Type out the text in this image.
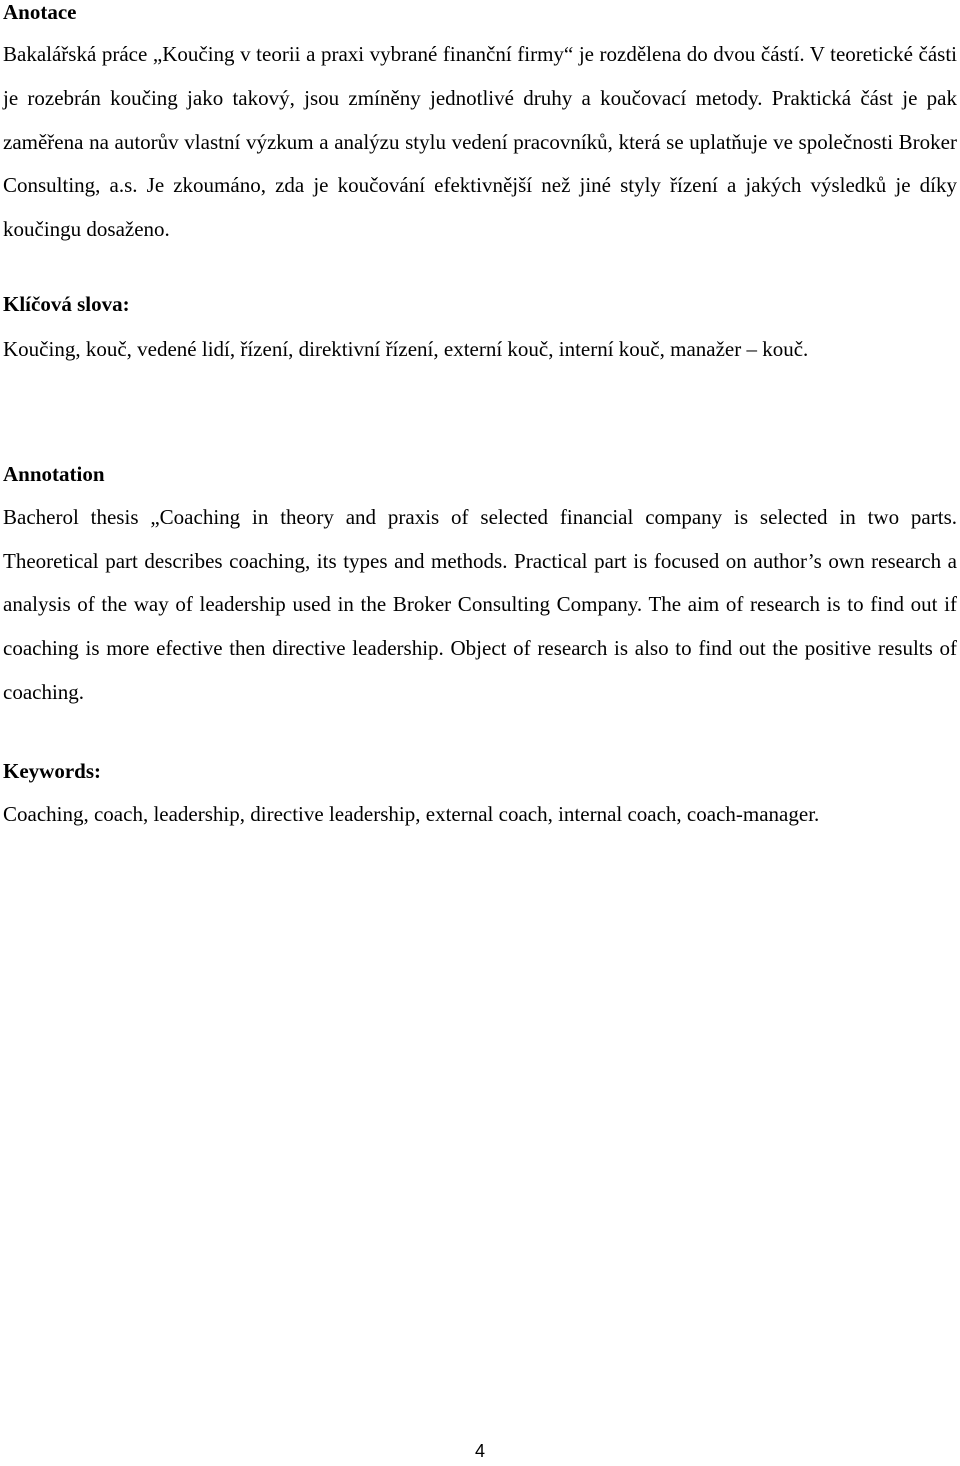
Anotace

Bakalářská práce „Koučing v teorii a praxi vybrané finanční firmy“ je rozdělena do dvou částí. V teoretické části je rozebrán koučing jako takový, jsou zmíněny jednotlivé druhy a koučovací metody. Praktická část je pak zaměřena na autorův vlastní výzkum a analýzu stylu vedení pracovníků, která se uplatňuje ve společnosti Broker Consulting, a.s. Je zkoumáno, zda je koučování efektivnější než jiné styly řízení a jakých výsledků je díky koučingu dosaženo.

Klíčová slova:

Koučing, kouč, vedené lidí, řízení, direktivní řízení, externí kouč, interní kouč, manažer – kouč.

Annotation

Bacherol thesis „Coaching in theory and praxis of selected financial company is selected in two parts. Theoretical part describes coaching, its types and methods. Practical part is focused on author’s own research a analysis of the way of leadership used in the Broker Consulting Company. The aim of research is to find out if coaching is more efective then directive leadership. Object of research is also to find out the positive results of coaching.

Keywords:

Coaching, coach, leadership, directive leadership, external coach, internal coach, coach-manager.

4
